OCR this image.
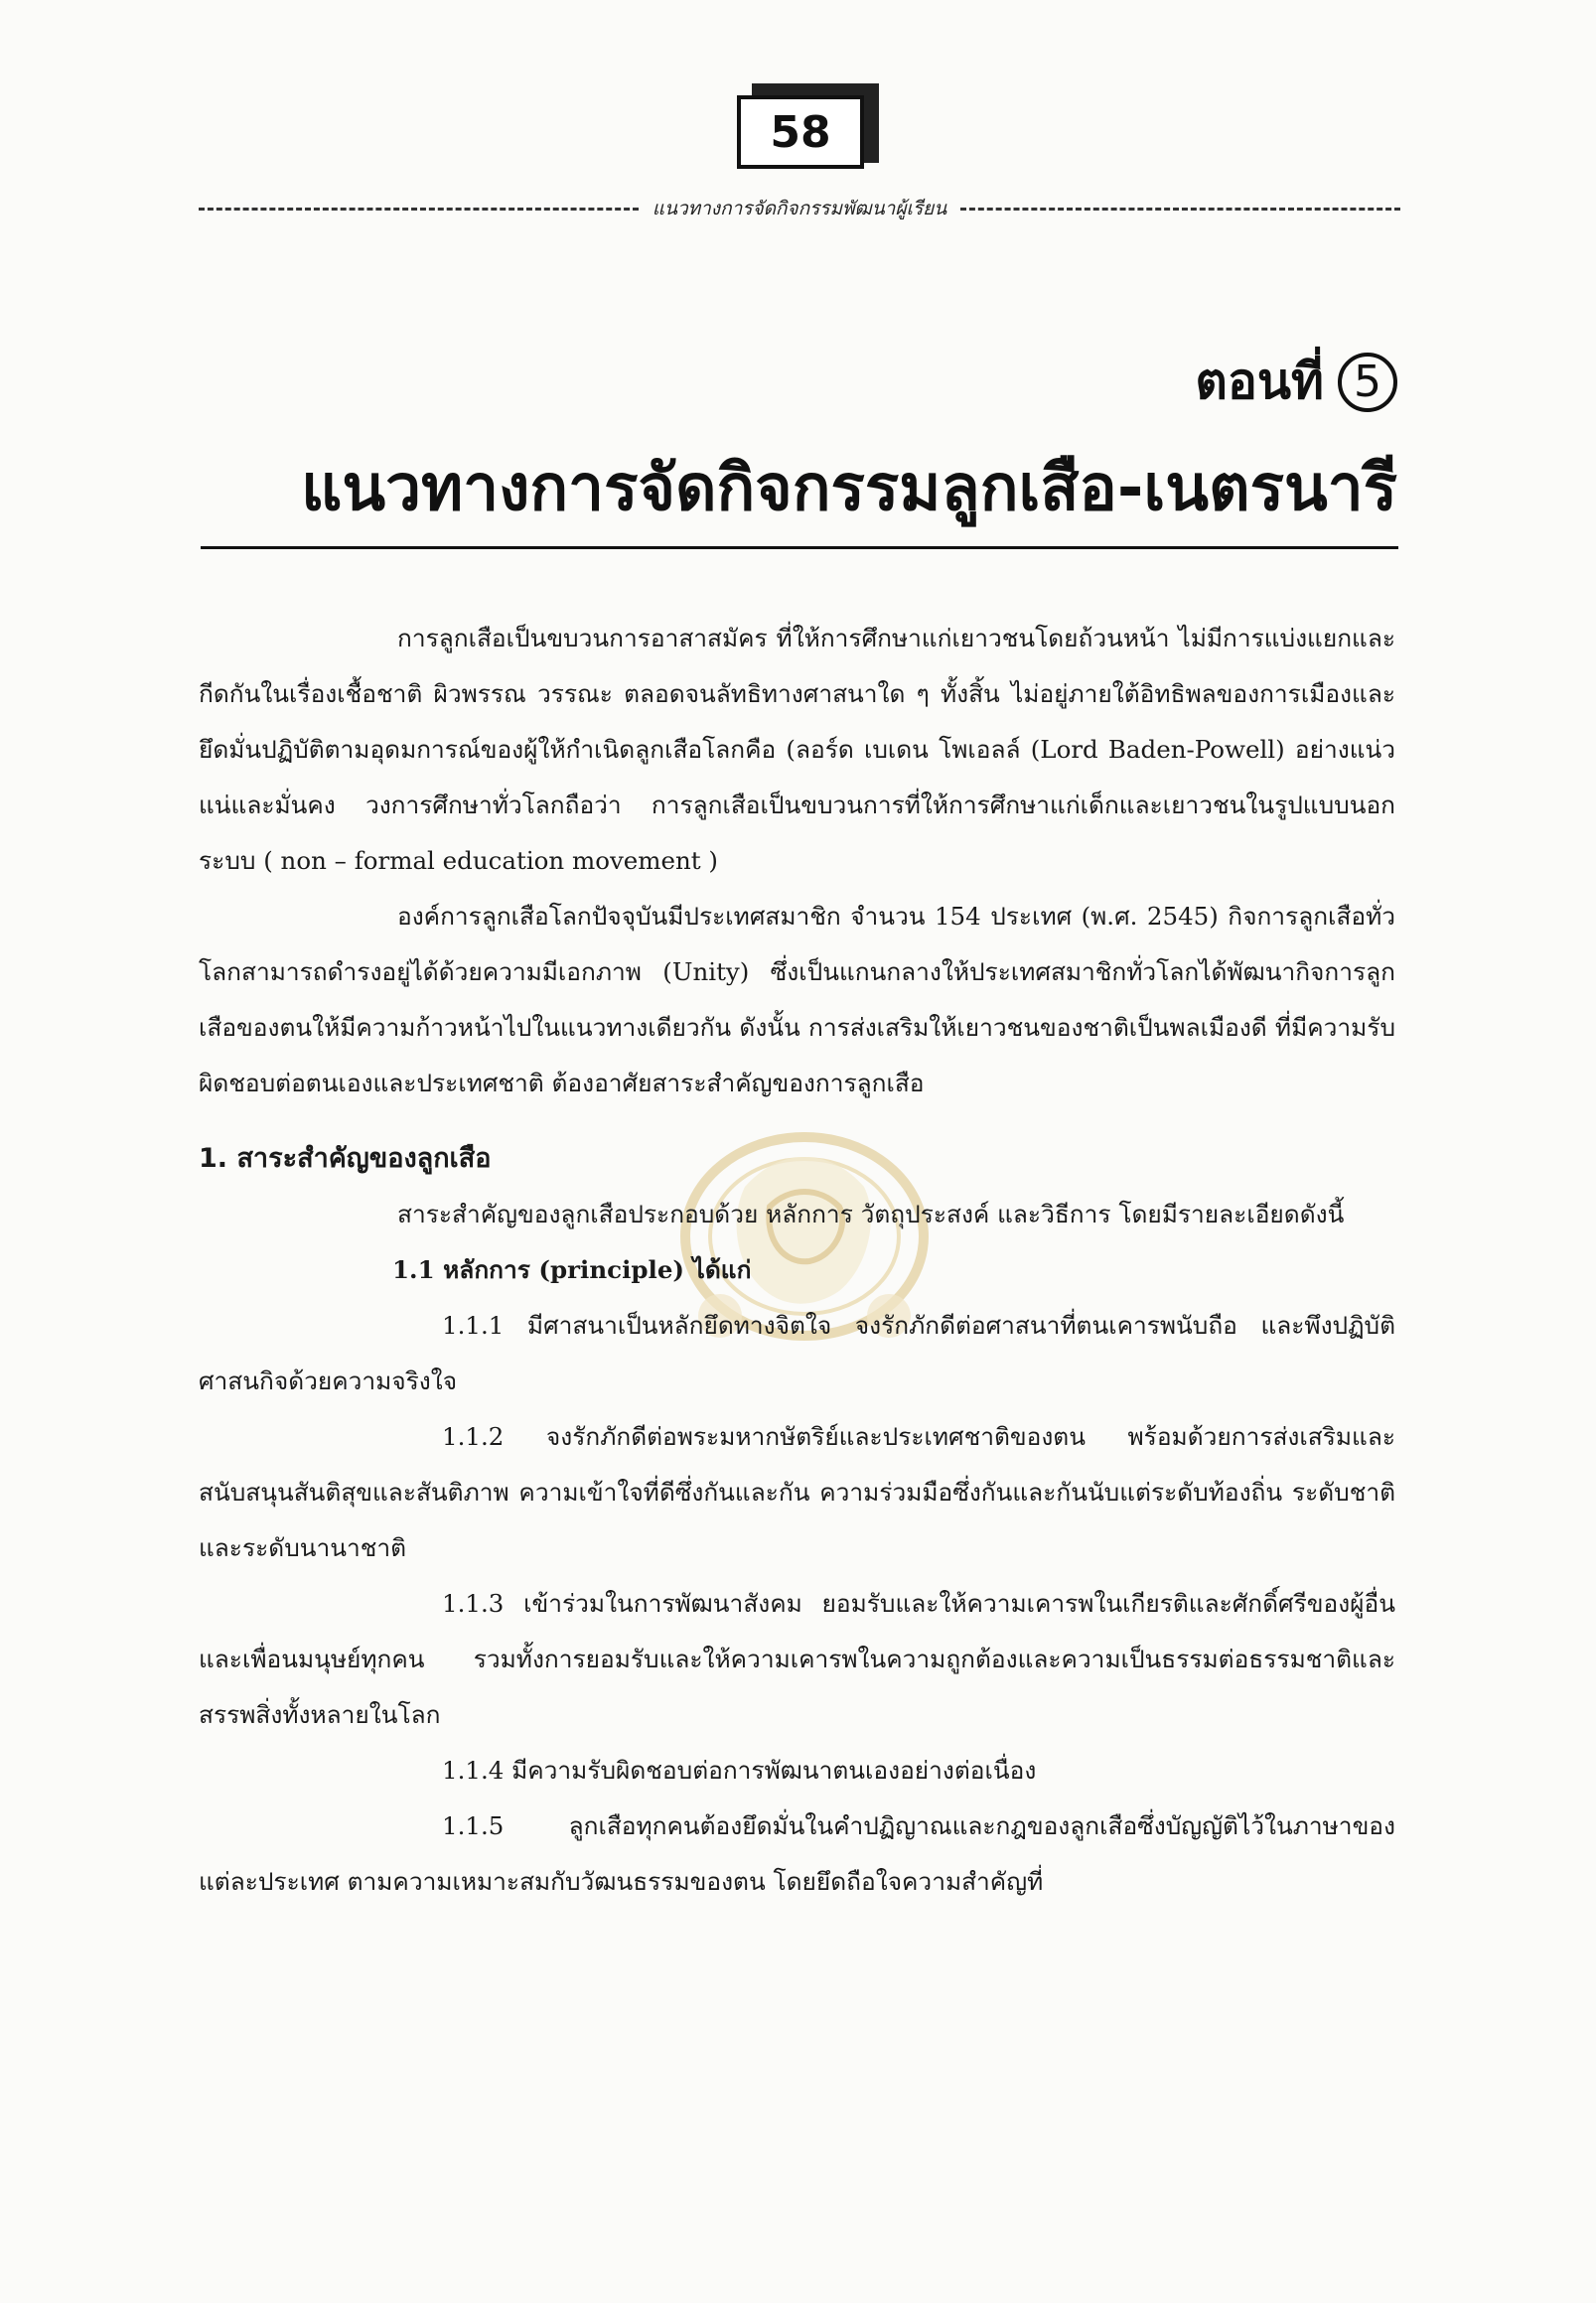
58
แนวทางการจัดกิจกรรมพัฒนาผู้เรียน
ตอนที่ 5
แนวทางการจัดกิจกรรมลูกเสือ-เนตรนารี

การลูกเสือเป็นขบวนการอาสาสมัคร ที่ให้การศึกษาแก่เยาวชนโดยถ้วนหน้า ไม่มีการแบ่งแยกและกีดกันในเรื่องเชื้อชาติ ผิวพรรณ วรรณะ ตลอดจนลัทธิทางศาสนาใด ๆ ทั้งสิ้น ไม่อยู่ภายใต้อิทธิพลของการเมืองและยึดมั่นปฏิบัติตามอุดมการณ์ของผู้ให้กำเนิดลูกเสือโลกคือ (ลอร์ด เบเดน โพเอลล์ (Lord Baden-Powell) อย่างแน่วแน่และมั่นคง วงการศึกษาทั่วโลกถือว่า การลูกเสือเป็นขบวนการที่ให้การศึกษาแก่เด็กและเยาวชนในรูปแบบนอกระบบ ( non – formal education movement )

องค์การลูกเสือโลกปัจจุบันมีประเทศสมาชิก จำนวน 154 ประเทศ (พ.ศ. 2545) กิจการลูกเสือทั่วโลกสามารถดำรงอยู่ได้ด้วยความมีเอกภาพ (Unity) ซึ่งเป็นแกนกลางให้ประเทศสมาชิกทั่วโลกได้พัฒนากิจการลูกเสือของตนให้มีความก้าวหน้าไปในแนวทางเดียวกัน ดังนั้น การส่งเสริมให้เยาวชนของชาติเป็นพลเมืองดี ที่มีความรับผิดชอบต่อตนเองและประเทศชาติ ต้องอาศัยสาระสำคัญของการลูกเสือ

1. สาระสำคัญของลูกเสือ

สาระสำคัญของลูกเสือประกอบด้วย หลักการ วัตถุประสงค์ และวิธีการ โดยมีรายละเอียดดังนี้

1.1 หลักการ (principle) ได้แก่

1.1.1 มีศาสนาเป็นหลักยึดทางจิตใจ จงรักภักดีต่อศาสนาที่ตนเคารพนับถือ และพึงปฏิบัติศาสนกิจด้วยความจริงใจ

1.1.2 จงรักภักดีต่อพระมหากษัตริย์และประเทศชาติของตน พร้อมด้วยการส่งเสริมและสนับสนุนสันติสุขและสันติภาพ ความเข้าใจที่ดีซึ่งกันและกัน ความร่วมมือซึ่งกันและกันนับแต่ระดับท้องถิ่น ระดับชาติ และระดับนานาชาติ

1.1.3 เข้าร่วมในการพัฒนาสังคม ยอมรับและให้ความเคารพในเกียรติและศักดิ์ศรีของผู้อื่นและเพื่อนมนุษย์ทุกคน รวมทั้งการยอมรับและให้ความเคารพในความถูกต้องและความเป็นธรรมต่อธรรมชาติและสรรพสิ่งทั้งหลายในโลก

1.1.4 มีความรับผิดชอบต่อการพัฒนาตนเองอย่างต่อเนื่อง

1.1.5 ลูกเสือทุกคนต้องยึดมั่นในคำปฏิญาณและกฎของลูกเสือซึ่งบัญญัติไว้ในภาษาของแต่ละประเทศ ตามความเหมาะสมกับวัฒนธรรมของตน โดยยึดถือใจความสำคัญที่
